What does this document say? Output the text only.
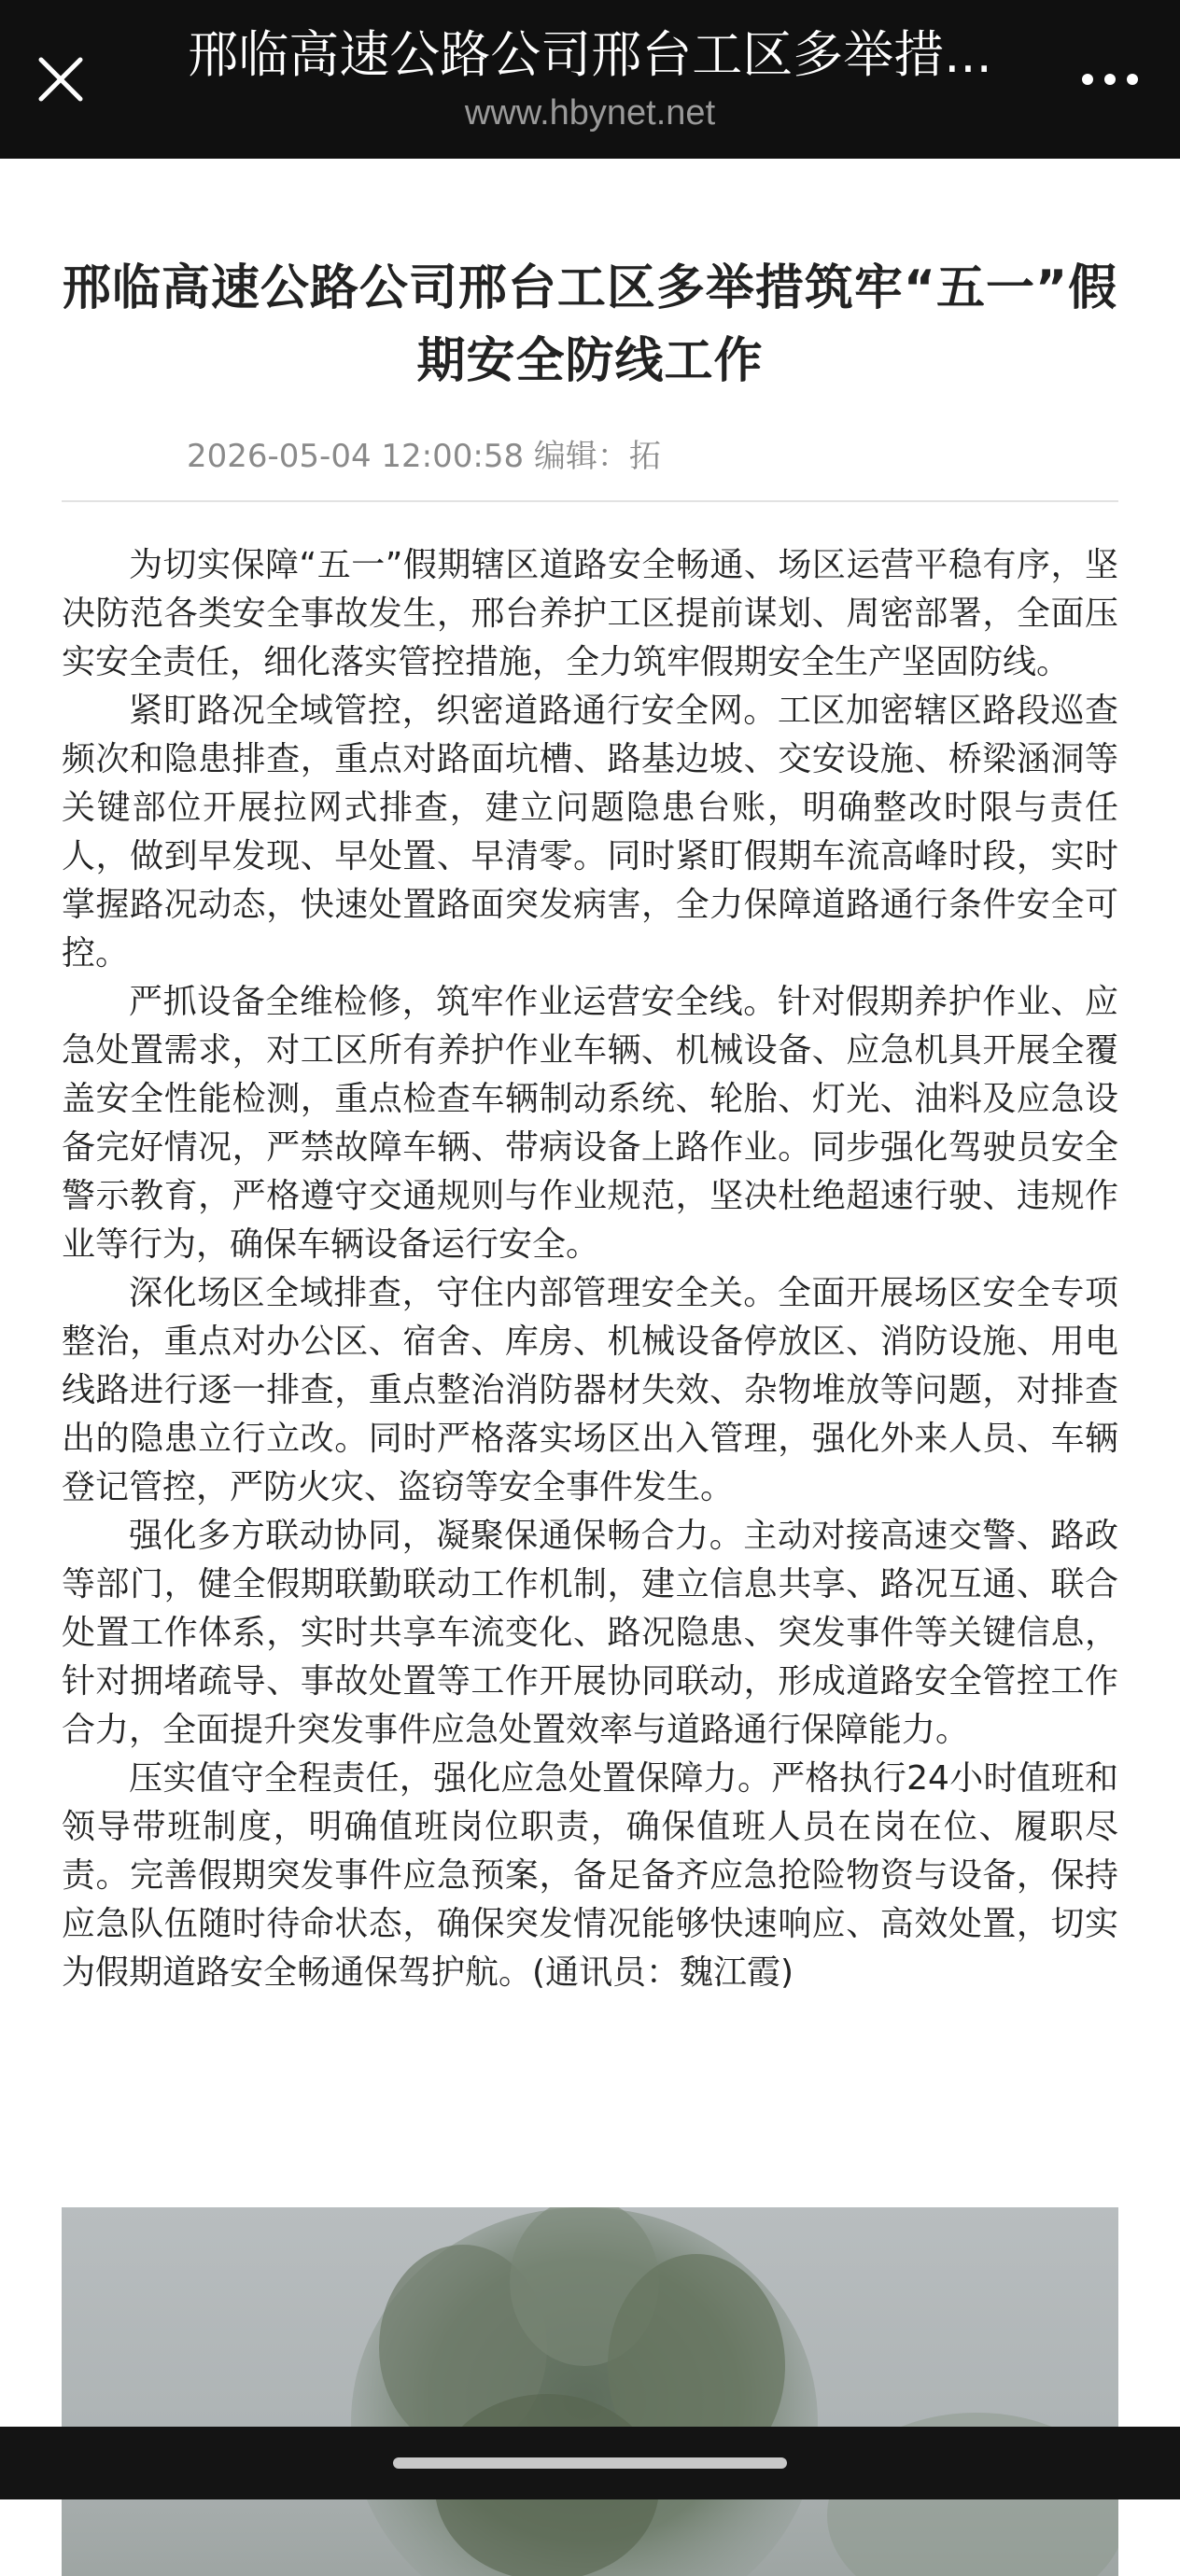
邢临高速公路公司邢台工区多举措...
www.hbynet.net
邢临高速公路公司邢台工区多举措筑牢“五一”假期安全防线工作
2026-05-04 12:00:58 编辑：拓

为切实保障“五一”假期辖区道路安全畅通、场区运营平稳有序，坚决防范各类安全事故发生，邢台养护工区提前谋划、周密部署，全面压实安全责任，细化落实管控措施，全力筑牢假期安全生产坚固防线。

紧盯路况全域管控，织密道路通行安全网。工区加密辖区路段巡查频次和隐患排查，重点对路面坑槽、路基边坡、交安设施、桥梁涵洞等关键部位开展拉网式排查，建立问题隐患台账，明确整改时限与责任人，做到早发现、早处置、早清零。同时紧盯假期车流高峰时段，实时掌握路况动态，快速处置路面突发病害，全力保障道路通行条件安全可控。

严抓设备全维检修，筑牢作业运营安全线。针对假期养护作业、应急处置需求，对工区所有养护作业车辆、机械设备、应急机具开展全覆盖安全性能检测，重点检查车辆制动系统、轮胎、灯光、油料及应急设备完好情况，严禁故障车辆、带病设备上路作业。同步强化驾驶员安全警示教育，严格遵守交通规则与作业规范，坚决杜绝超速行驶、违规作业等行为，确保车辆设备运行安全。

深化场区全域排查，守住内部管理安全关。全面开展场区安全专项整治，重点对办公区、宿舍、库房、机械设备停放区、消防设施、用电线路进行逐一排查，重点整治消防器材失效、杂物堆放等问题，对排查出的隐患立行立改。同时严格落实场区出入管理，强化外来人员、车辆登记管控，严防火灾、盗窃等安全事件发生。

强化多方联动协同，凝聚保通保畅合力。主动对接高速交警、路政等部门，健全假期联勤联动工作机制，建立信息共享、路况互通、联合处置工作体系，实时共享车流变化、路况隐患、突发事件等关键信息，针对拥堵疏导、事故处置等工作开展协同联动，形成道路安全管控工作合力，全面提升突发事件应急处置效率与道路通行保障能力。

压实值守全程责任，强化应急处置保障力。严格执行24小时值班和领导带班制度，明确值班岗位职责，确保值班人员在岗在位、履职尽责。完善假期突发事件应急预案，备足备齐应急抢险物资与设备，保持应急队伍随时待命状态，确保突发情况能够快速响应、高效处置，切实为假期道路安全畅通保驾护航。(通讯员：魏江霞)
